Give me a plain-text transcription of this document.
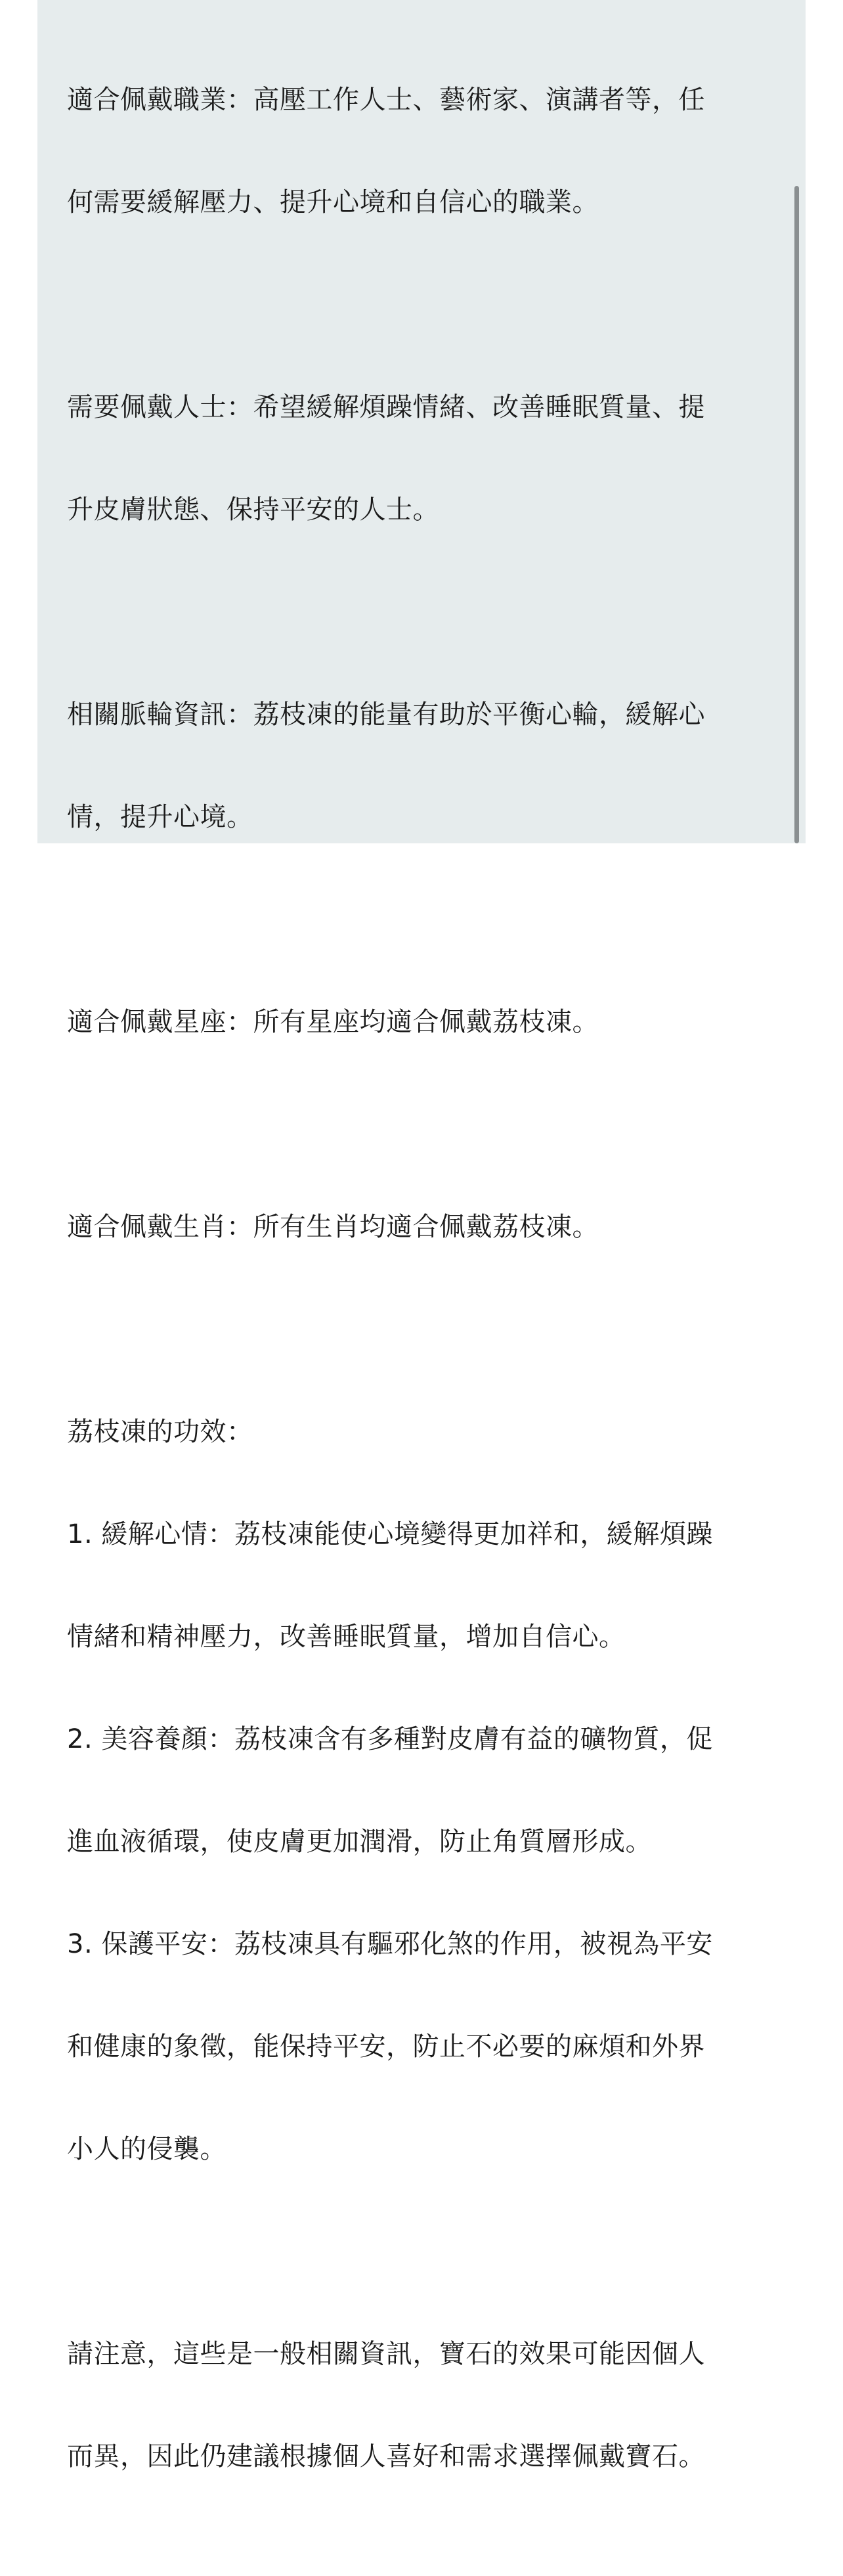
適合佩戴職業：高壓工作人士、藝術家、演講者等，任

何需要緩解壓力、提升心境和自信心的職業。

需要佩戴人士：希望緩解煩躁情緒、改善睡眠質量、提

升皮膚狀態、保持平安的人士。

相關脈輪資訊：荔枝凍的能量有助於平衡心輪，緩解心

情，提升心境。

適合佩戴星座：所有星座均適合佩戴荔枝凍。

適合佩戴生肖：所有生肖均適合佩戴荔枝凍。

荔枝凍的功效：

1. 緩解心情：荔枝凍能使心境變得更加祥和，緩解煩躁

情緒和精神壓力，改善睡眠質量，增加自信心。

2. 美容養顏：荔枝凍含有多種對皮膚有益的礦物質，促

進血液循環，使皮膚更加潤滑，防止角質層形成。

3. 保護平安：荔枝凍具有驅邪化煞的作用，被視為平安

和健康的象徵，能保持平安，防止不必要的麻煩和外界

小人的侵襲。

請注意，這些是一般相關資訊，寶石的效果可能因個人

而異，因此仍建議根據個人喜好和需求選擇佩戴寶石。
